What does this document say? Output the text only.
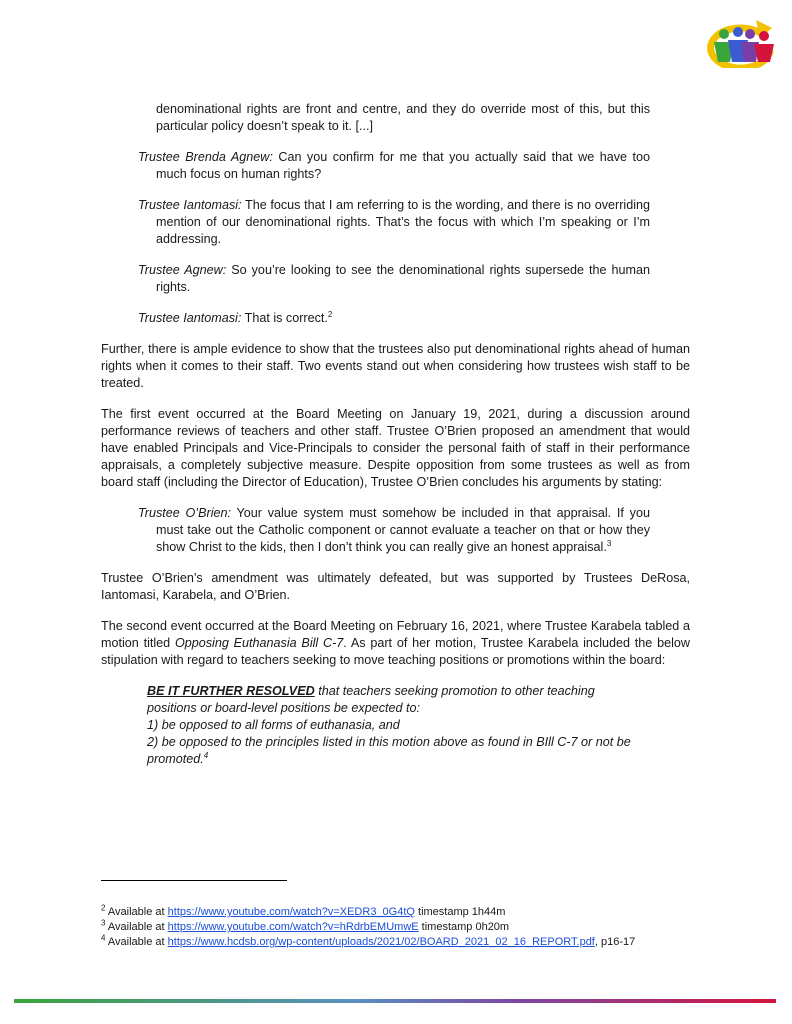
denominational rights are front and centre, and they do override most of this, but this particular policy doesn’t speak to it. [...]

Trustee Brenda Agnew: Can you confirm for me that you actually said that we have too much focus on human rights?

Trustee Iantomasi: The focus that I am referring to is the wording, and there is no overriding mention of our denominational rights. That’s the focus with which I’m speaking or I’m addressing.

Trustee Agnew: So you’re looking to see the denominational rights supersede the human rights.

Trustee Iantomasi: That is correct.$^2$

Further, there is ample evidence to show that the trustees also put denominational rights ahead of human rights when it comes to their staff. Two events stand out when considering how trustees wish staff to be treated.

The first event occurred at the Board Meeting on January 19, 2021, during a discussion around performance reviews of teachers and other staff. Trustee O’Brien proposed an amendment that would have enabled Principals and Vice-Principals to consider the personal faith of staff in their performance appraisals, a completely subjective measure. Despite opposition from some trustees as well as from board staff (including the Director of Education), Trustee O’Brien concludes his arguments by stating:

Trustee O’Brien: Your value system must somehow be included in that appraisal. If you must take out the Catholic component or cannot evaluate a teacher on that or how they show Christ to the kids, then I don’t think you can really give an honest appraisal.$^3$

Trustee O’Brien’s amendment was ultimately defeated, but was supported by Trustees DeRosa, Iantomasi, Karabela, and O’Brien.

The second event occurred at the Board Meeting on February 16, 2021, where Trustee Karabela tabled a motion titled Opposing Euthanasia Bill C-7. As part of her motion, Trustee Karabela included the below stipulation with regard to teachers seeking to move teaching positions or promotions within the board:

BE IT FURTHER RESOLVED that teachers seeking promotion to other teaching positions or board-level positions be expected to:
1) be opposed to all forms of euthanasia, and
2) be opposed to the principles listed in this motion above as found in BIll C-7 or not be promoted.$^4$
$^2$ Available at https://www.youtube.com/watch?v=XEDR3_0G4tQ timestamp 1h44m
$^3$ Available at https://www.youtube.com/watch?v=hRdrbEMUmwE timestamp 0h20m
$^4$ Available at https://www.hcdsb.org/wp-content/uploads/2021/02/BOARD_2021_02_16_REPORT.pdf, p16-17
